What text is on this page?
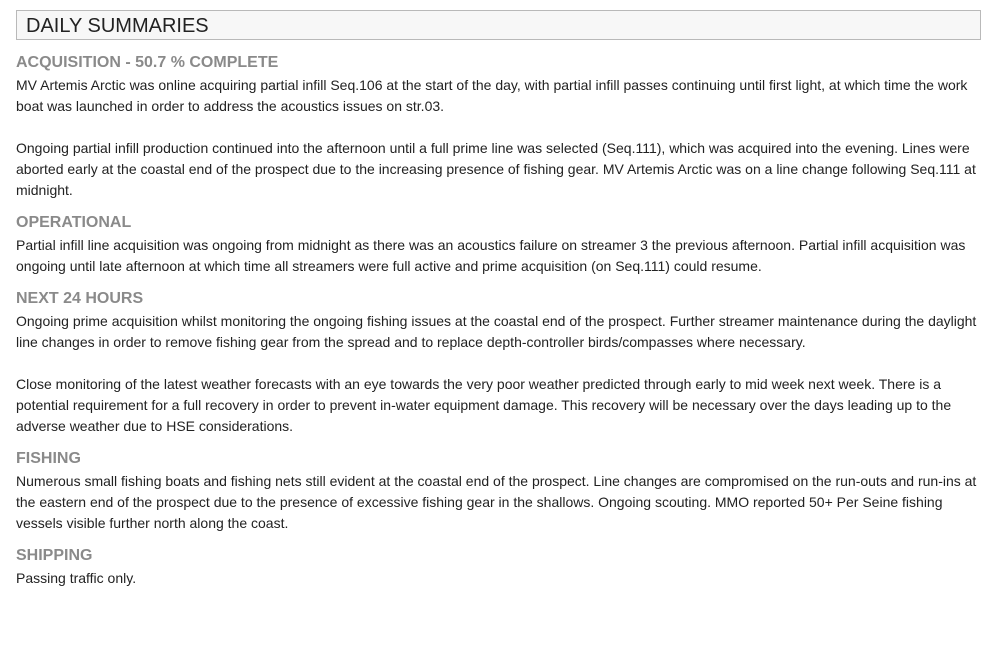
DAILY SUMMARIES
ACQUISITION - 50.7 % COMPLETE

MV Artemis Arctic was online acquiring partial infill Seq.106 at the start of the day, with partial infill passes continuing until first light, at which time the work boat was launched in order to address the acoustics issues on str.03.

Ongoing partial infill production continued into the afternoon until a full prime line was selected (Seq.111), which was acquired into the evening. Lines were aborted early at the coastal end of the prospect due to the increasing presence of fishing gear. MV Artemis Arctic was on a line change following Seq.111 at midnight.

OPERATIONAL

Partial infill line acquisition was ongoing from midnight as there was an acoustics failure on streamer 3 the previous afternoon. Partial infill acquisition was ongoing until late afternoon at which time all streamers were full active and prime acquisition (on Seq.111) could resume.

NEXT 24 HOURS

Ongoing prime acquisition whilst monitoring the ongoing fishing issues at the coastal end of the prospect. Further streamer maintenance during the daylight line changes in order to remove fishing gear from the spread and to replace depth-controller birds/compasses where necessary.

Close monitoring of the latest weather forecasts with an eye towards the very poor weather predicted through early to mid week next week. There is a potential requirement for a full recovery in order to prevent in-water equipment damage. This recovery will be necessary over the days leading up to the adverse weather due to HSE considerations.

FISHING

Numerous small fishing boats and fishing nets still evident at the coastal end of the prospect. Line changes are compromised on the run-outs and run-ins at the eastern end of the prospect due to the presence of excessive fishing gear in the shallows. Ongoing scouting. MMO reported 50+ Per Seine fishing vessels visible further north along the coast.

SHIPPING

Passing traffic only.
